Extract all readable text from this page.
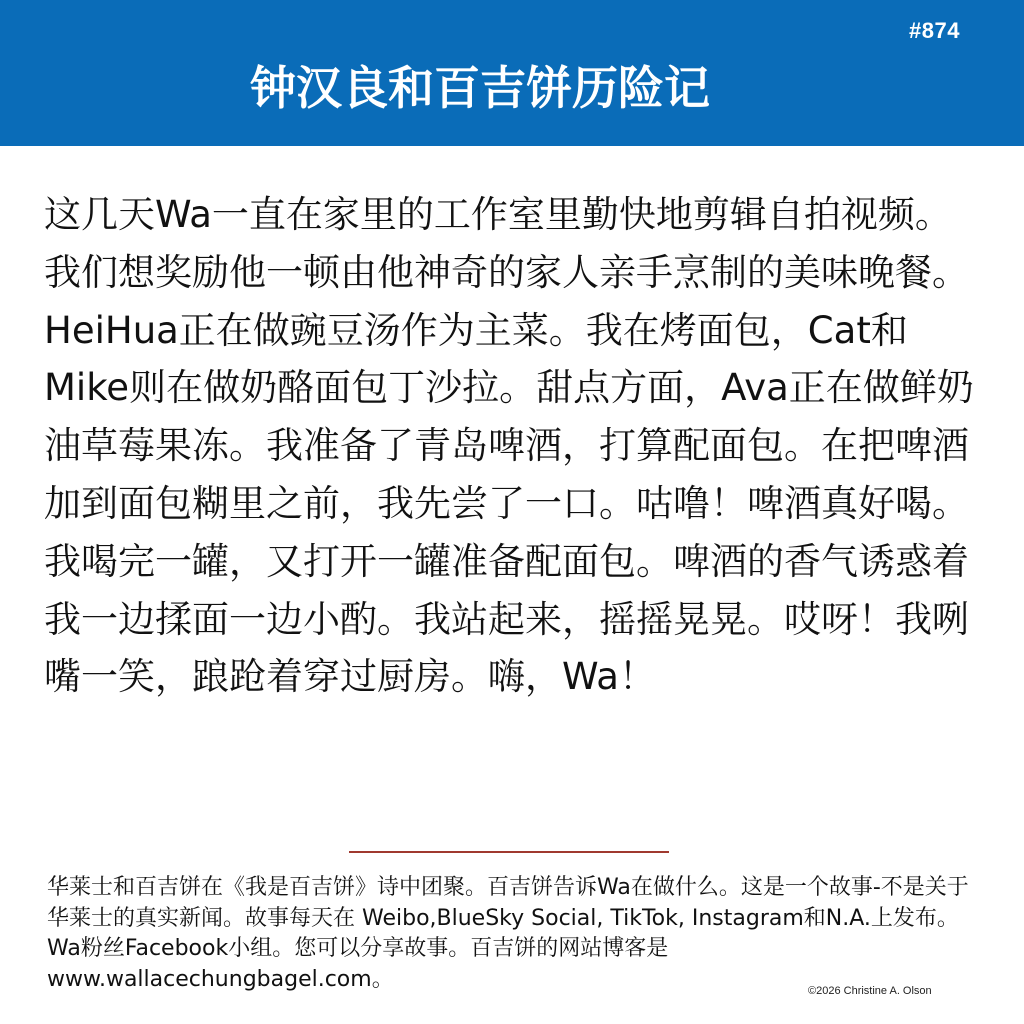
#874
钟汉良和百吉饼历险记

这几天Wa一直在家里的工作室里勤快地剪辑自拍视频。我们想奖励他一顿由他神奇的家人亲手烹制的美味晚餐。HeiHua正在做豌豆汤作为主菜。我在烤面包，Cat和Mike则在做奶酪面包丁沙拉。甜点方面，Ava正在做鲜奶油草莓果冻。我准备了青岛啤酒，打算配面包。在把啤酒加到面包糊里之前，我先尝了一口。咕噜！啤酒真好喝。我喝完一罐，又打开一罐准备配面包。啤酒的香气诱惑着我一边揉面一边小酌。我站起来，摇摇晃晃。哎呀！我咧嘴一笑，踉跄着穿过厨房。嗨，Wa！

华莱士和百吉饼在《我是百吉饼》诗中团聚。百吉饼告诉Wa在做什么。这是一个故事-不是关于华莱士的真实新闻。故事每天在 Weibo,BlueSky Social, TikTok, Instagram和N.A.上发布。Wa粉丝Facebook小组。您可以分享故事。百吉饼的网站博客是www.wallacechungbagel.com。	©2026 Christine A. Olson
